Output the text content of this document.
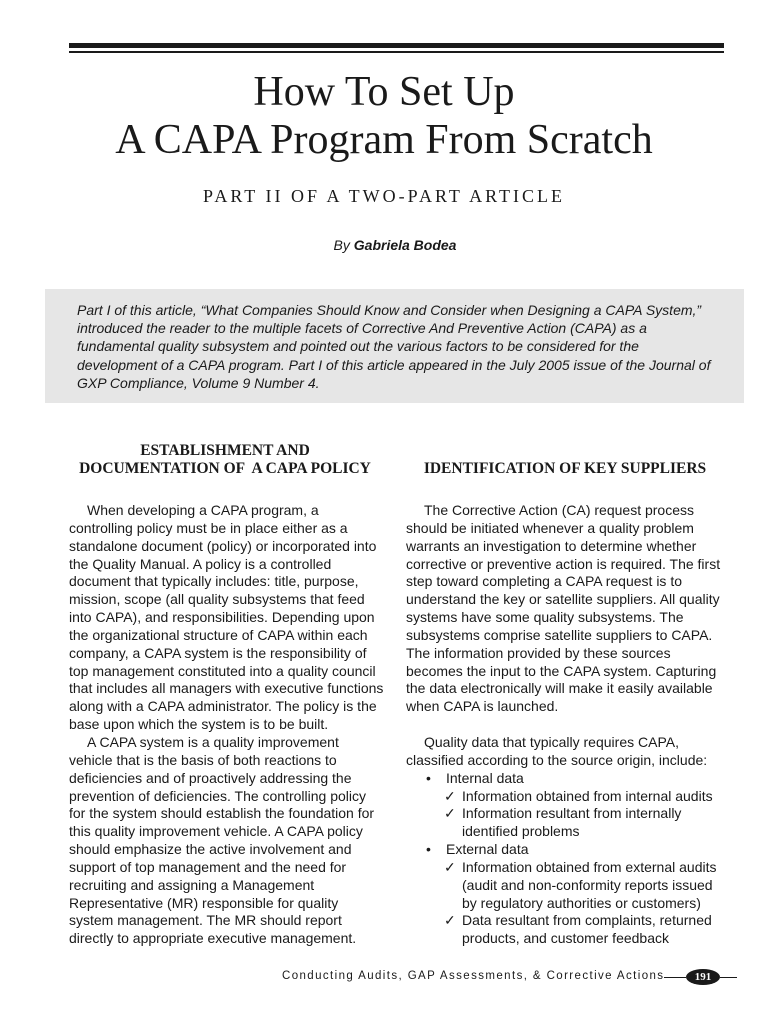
How To Set Up
A CAPA Program From Scratch
PART II OF A TWO-PART ARTICLE
By Gabriela Bodea
Part I of this article, “What Companies Should Know and Consider when Designing a CAPA System,” introduced the reader to the multiple facets of Corrective And Preventive Action (CAPA) as a fundamental quality subsystem and pointed out the various factors to be considered for the development of a CAPA program. Part I of this article appeared in the July 2005 issue of the Journal of GXP Compliance, Volume 9 Number 4.
ESTABLISHMENT AND
DOCUMENTATION OF  A CAPA POLICY	IDENTIFICATION OF KEY SUPPLIERS

When developing a CAPA program, a controlling policy must be in place either as a standalone document (policy) or incorporated into the Quality Manual. A policy is a controlled document that typically includes: title, purpose, mission, scope (all quality subsystems that feed into CAPA), and responsibilities. Depending upon the organizational structure of CAPA within each company, a CAPA system is the responsibility of top management constituted into a quality council that includes all managers with executive functions along with a CAPA administrator. The policy is the base upon which the system is to be built.

A CAPA system is a quality improvement vehicle that is the basis of both reactions to deficiencies and of proactively addressing the prevention of deficiencies. The controlling policy for the system should establish the foundation for this quality improvement vehicle. A CAPA policy should emphasize the active involvement and support of top management and the need for recruiting and assigning a Management Representative (MR) responsible for quality system management. The MR should report directly to appropriate executive management.

The Corrective Action (CA) request process should be initiated whenever a quality problem warrants an investigation to determine whether corrective or preventive action is required. The first step toward completing a CAPA request is to understand the key or satellite suppliers. All quality systems have some quality subsystems. The subsystems comprise satellite suppliers to CAPA. The information provided by these sources becomes the input to the CAPA system. Capturing the data electronically will make it easily available when CAPA is launched.

Quality data that typically requires CAPA, classified according to the source origin, include:

• Internal data
✓ Information obtained from internal audits
✓ Information resultant from internally identified problems
• External data
✓ Information obtained from external audits (audit and non-conformity reports issued by regulatory authorities or customers)
✓ Data resultant from complaints, returned products, and customer feedback
Conducting Audits, GAP Assessments, & Corrective Actions	191
